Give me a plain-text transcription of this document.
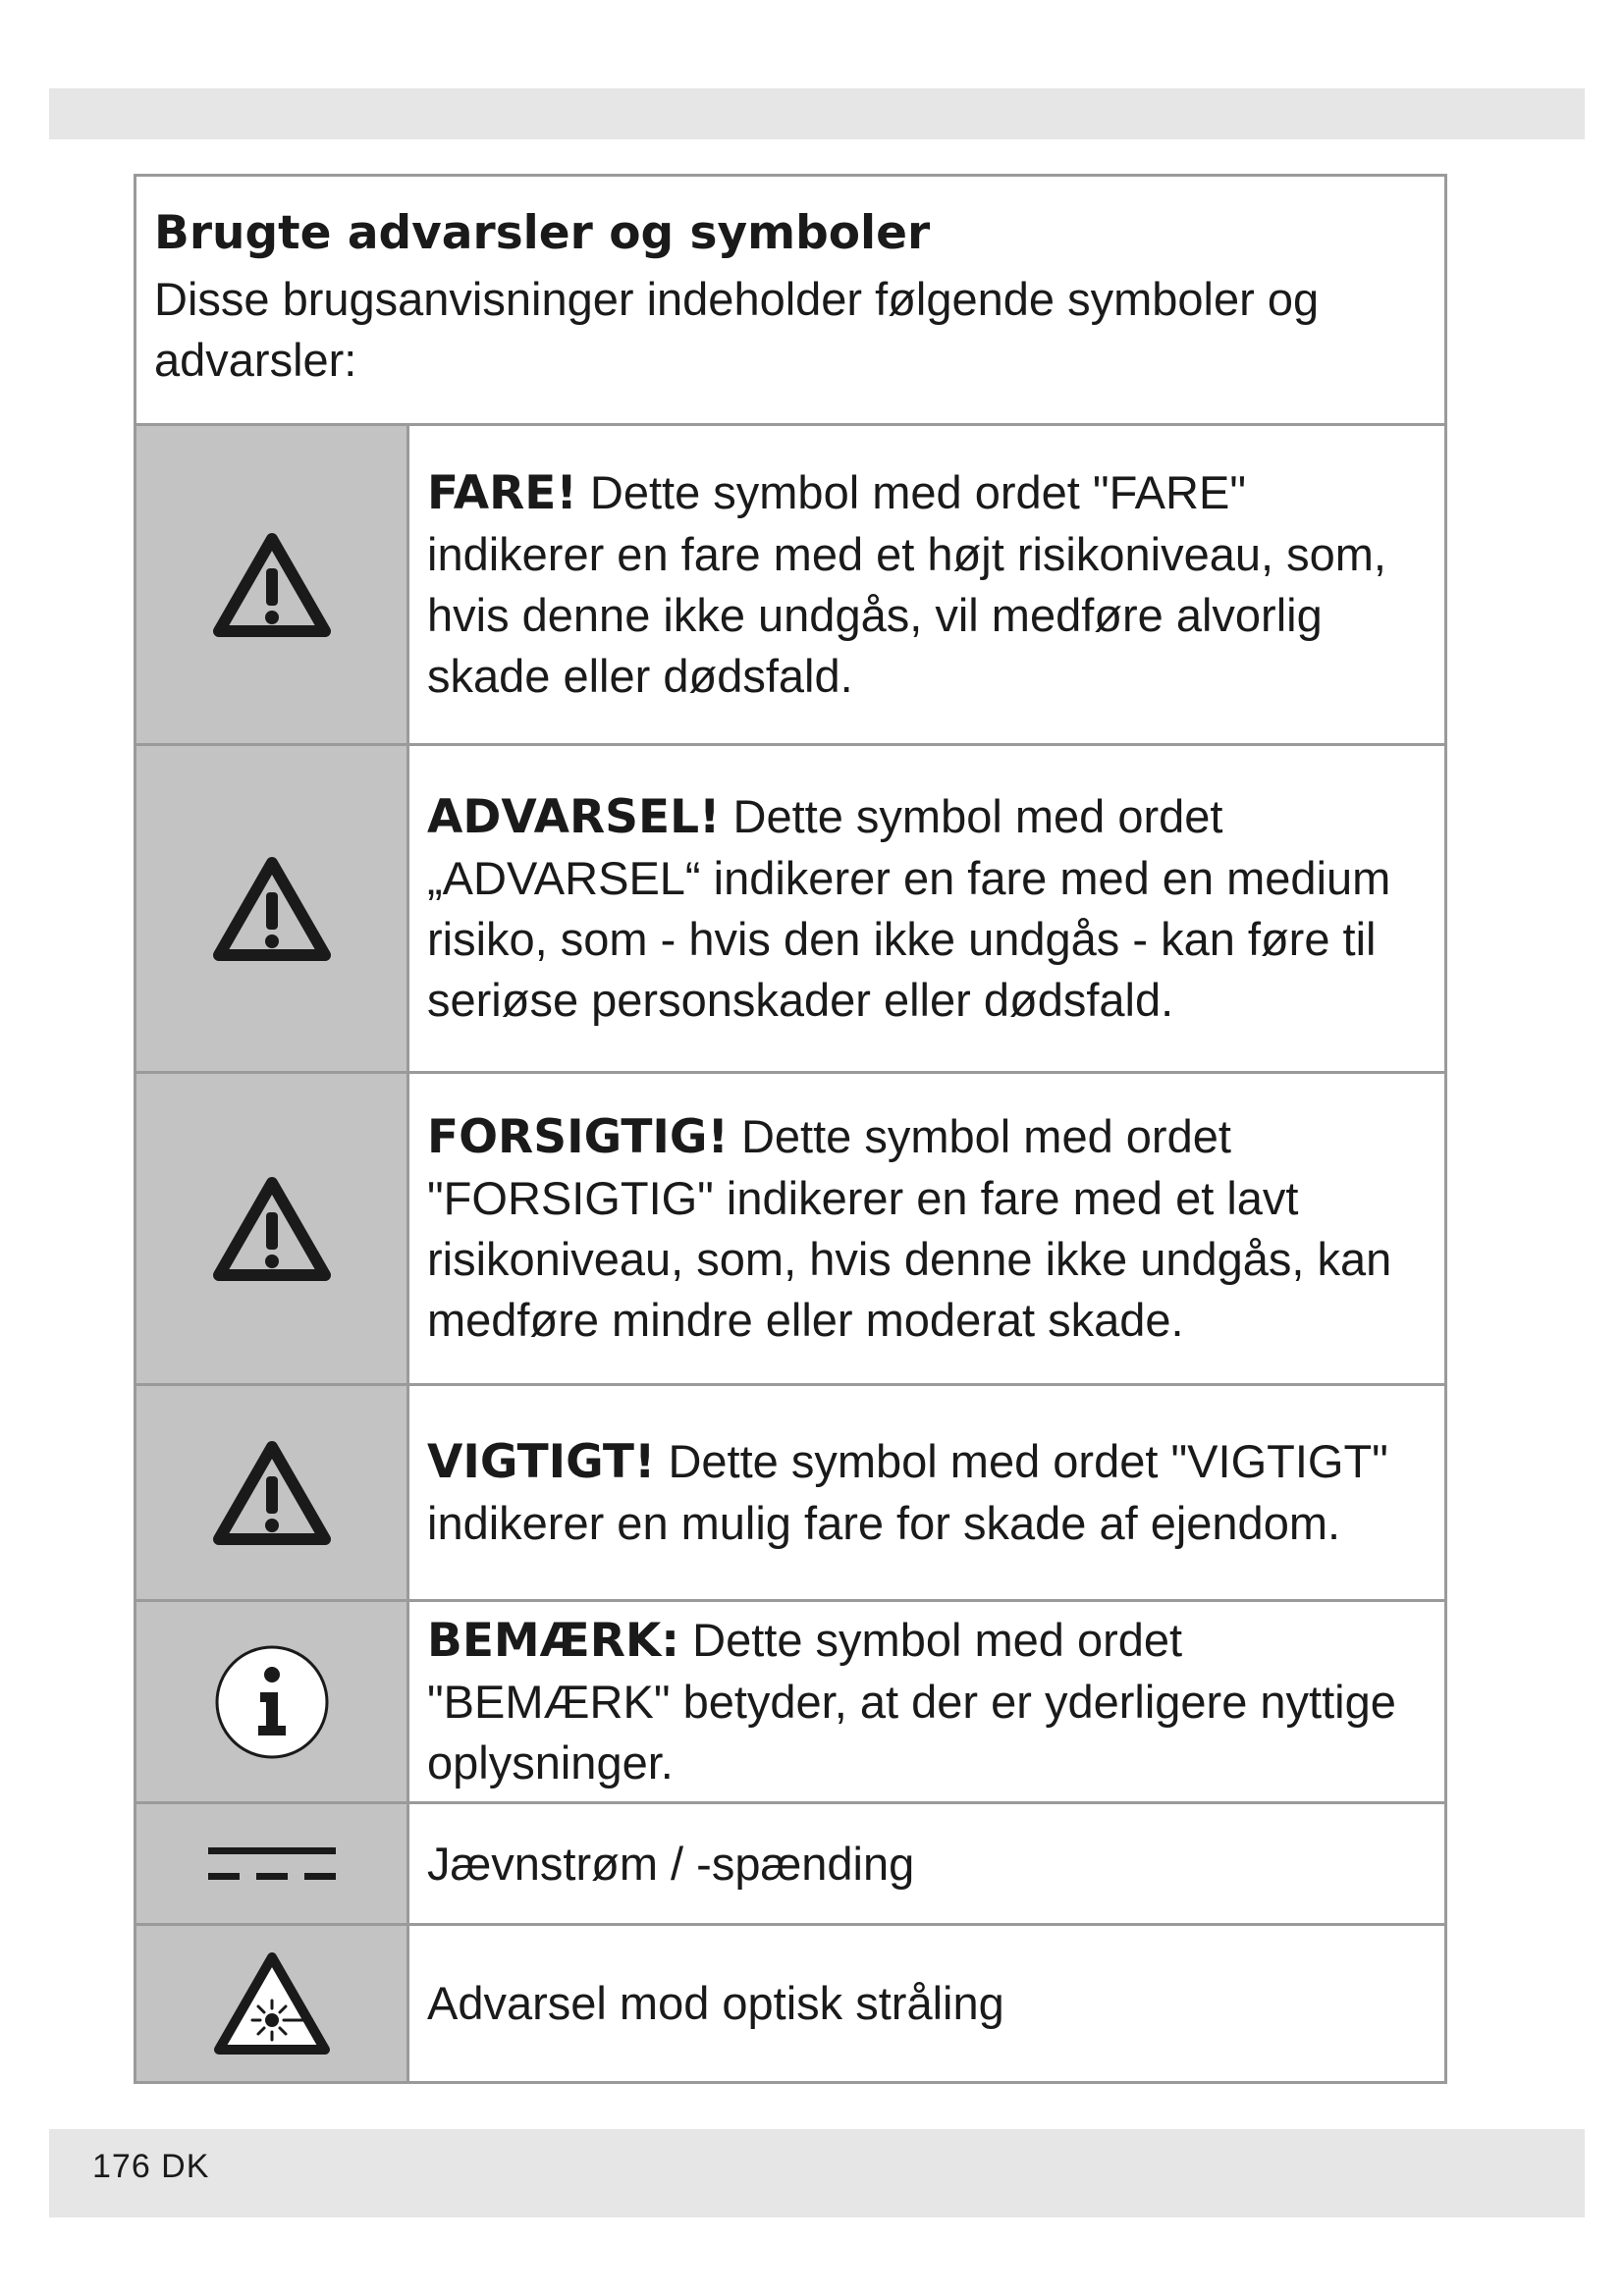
Brugte advarsler og symboler

Disse brugsanvisninger indeholder følgende symboler og advarsler:

FARE! Dette symbol med ordet "FARE" indikerer en fare med et højt risikoniveau, som, hvis denne ikke undgås, vil medføre alvorlig skade eller dødsfald.

ADVARSEL! Dette symbol med ordet „ADVARSEL“ indikerer en fare med en medium risiko, som - hvis den ikke undgås - kan føre til seriøse personskader eller dødsfald.

FORSIGTIG! Dette symbol med ordet "FORSIGTIG" indikerer en fare med et lavt risikoniveau, som, hvis denne ikke undgås, kan medføre mindre eller moderat skade.

VIGTIGT! Dette symbol med ordet "VIGTIGT" indikerer en mulig fare for skade af ejendom.

BEMÆRK: Dette symbol med ordet "BEMÆRK" betyder, at der er yderligere nyttige oplysninger.

Jævnstrøm / -spænding

Advarsel mod optisk stråling

176 DK
